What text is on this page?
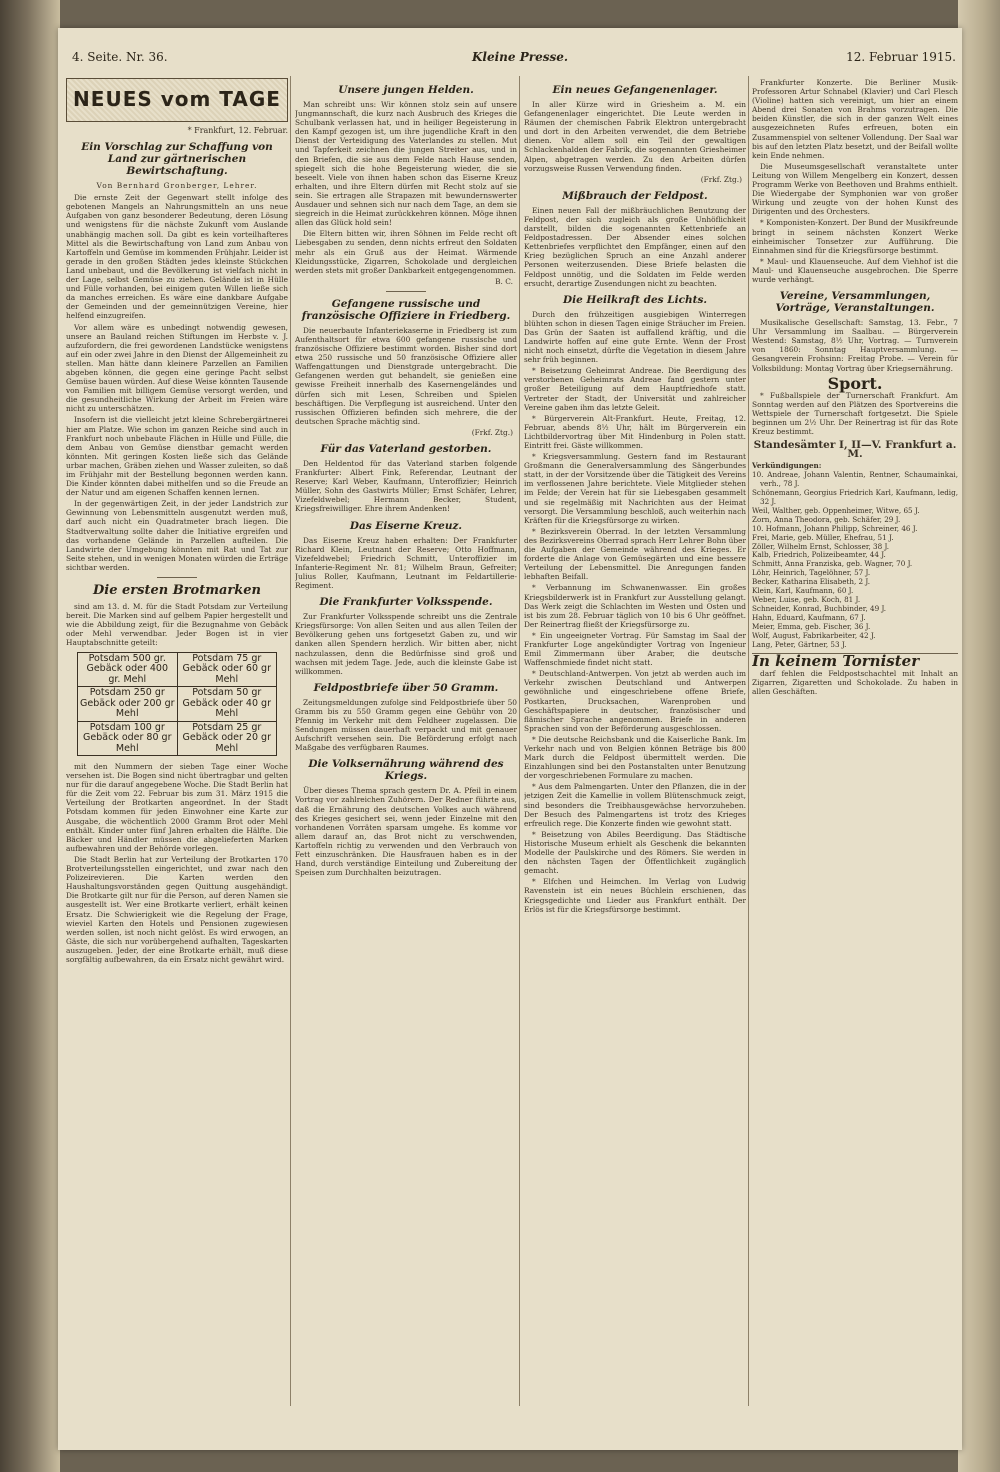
4. Seite. Nr. 36.	Kleine Presse.	12. Februar 1915.
NEUES vom TAGE
* Frankfurt, 12. Februar.
Ein Vorschlag zur Schaffung von Land zur gärtnerischen Bewirtschaftung.
Von Bernhard Gronberger, Lehrer.

Die ernste Zeit der Gegenwart stellt infolge des gebotenen Mangels an Nahrungsmitteln an uns neue Aufgaben von ganz besonderer Bedeutung, deren Lösung und wenigstens für die nächste Zukunft vom Auslande unabhängig machen soll. Da gibt es kein vorteilhafteres Mittel als die Bewirtschaftung von Land zum Anbau von Kartoffeln und Gemüse im kommenden Frühjahr. Leider ist gerade in den großen Städten jedes kleinste Stückchen Land unbebaut, und die Bevölkerung ist vielfach nicht in der Lage, selbst Gemüse zu ziehen. Gelände ist in Hülle und Fülle vorhanden, bei einigem guten Willen ließe sich da manches erreichen. Es wäre eine dankbare Aufgabe der Gemeinden und der gemeinnützigen Vereine, hier helfend einzugreifen.

Vor allem wäre es unbedingt notwendig gewesen, unsere an Bauland reichen Stiftungen im Herbste v. J. aufzufordern, die frei gewordenen Landstücke wenigstens auf ein oder zwei Jahre in den Dienst der Allgemeinheit zu stellen. Man hätte dann kleinere Parzellen an Familien abgeben können, die gegen eine geringe Pacht selbst Gemüse bauen würden. Auf diese Weise könnten Tausende von Familien mit billigem Gemüse versorgt werden, und die gesundheitliche Wirkung der Arbeit im Freien wäre nicht zu unterschätzen.

Insofern ist die vielleicht jetzt kleine Schrebergärtnerei hier am Platze. Wie schon im ganzen Reiche sind auch in Frankfurt noch unbebaute Flächen in Hülle und Fülle, die dem Anbau von Gemüse dienstbar gemacht werden könnten. Mit geringen Kosten ließe sich das Gelände urbar machen, Gräben ziehen und Wasser zuleiten, so daß im Frühjahr mit der Bestellung begonnen werden kann. Die Kinder könnten dabei mithelfen und so die Freude an der Natur und am eigenen Schaffen kennen lernen.

In der gegenwärtigen Zeit, in der jeder Landstrich zur Gewinnung von Lebensmitteln ausgenutzt werden muß, darf auch nicht ein Quadratmeter brach liegen. Die Stadtverwaltung sollte daher die Initiative ergreifen und das vorhandene Gelände in Parzellen aufteilen. Die Landwirte der Umgebung könnten mit Rat und Tat zur Seite stehen, und in wenigen Monaten würden die Erträge sichtbar werden.

Die ersten Brotmarken

sind am 13. d. M. für die Stadt Potsdam zur Verteilung bereit. Die Marken sind auf gelbem Papier hergestellt und wie die Abbildung zeigt, für die Bezugnahme von Gebäck oder Mehl verwendbar. Jeder Bogen ist in vier Hauptabschnitte geteilt:

Potsdam 500 gr. Gebäck oder 400 gr. Mehl	Potsdam 75 gr Gebäck oder 60 gr Mehl
Potsdam 250 gr Gebäck oder 200 gr Mehl	Potsdam 50 gr Gebäck oder 40 gr Mehl
Potsdam 100 gr Gebäck oder 80 gr Mehl	Potsdam 25 gr Gebäck oder 20 gr Mehl

mit den Nummern der sieben Tage einer Woche versehen ist. Die Bogen sind nicht übertragbar und gelten nur für die darauf angegebene Woche. Die Stadt Berlin hat für die Zeit vom 22. Februar bis zum 31. März 1915 die Verteilung der Brotkarten angeordnet. In der Stadt Potsdam kommen für jeden Einwohner eine Karte zur Ausgabe, die wöchentlich 2000 Gramm Brot oder Mehl enthält. Kinder unter fünf Jahren erhalten die Hälfte. Die Bäcker und Händler müssen die abgelieferten Marken aufbewahren und der Behörde vorlegen.

Die Stadt Berlin hat zur Verteilung der Brotkarten 170 Brotverteilungsstellen eingerichtet, und zwar nach den Polizeirevieren. Die Karten werden den Haushaltungsvorständen gegen Quittung ausgehändigt. Die Brotkarte gilt nur für die Person, auf deren Namen sie ausgestellt ist. Wer eine Brotkarte verliert, erhält keinen Ersatz. Die Schwierigkeit wie die Regelung der Frage, wieviel Karten den Hotels und Pensionen zugewiesen werden sollen, ist noch nicht gelöst. Es wird erwogen, an Gäste, die sich nur vorübergehend aufhalten, Tageskarten auszugeben. Jeder, der eine Brotkarte erhält, muß diese sorgfältig aufbewahren, da ein Ersatz nicht gewährt wird.

Unsere jungen Helden.

Man schreibt uns: Wir können stolz sein auf unsere Jungmannschaft, die kurz nach Ausbruch des Krieges die Schulbank verlassen hat, und in heiliger Begeisterung in den Kampf gezogen ist, um ihre jugendliche Kraft in den Dienst der Verteidigung des Vaterlandes zu stellen. Mut und Tapferkeit zeichnen die jungen Streiter aus, und in den Briefen, die sie aus dem Felde nach Hause senden, spiegelt sich die hohe Begeisterung wieder, die sie beseelt. Viele von ihnen haben schon das Eiserne Kreuz erhalten, und ihre Eltern dürfen mit Recht stolz auf sie sein. Sie ertragen alle Strapazen mit bewundernswerter Ausdauer und sehnen sich nur nach dem Tage, an dem sie siegreich in die Heimat zurückkehren können. Möge ihnen allen das Glück hold sein!

Die Eltern bitten wir, ihren Söhnen im Felde recht oft Liebesgaben zu senden, denn nichts erfreut den Soldaten mehr als ein Gruß aus der Heimat. Wärmende Kleidungsstücke, Zigarren, Schokolade und dergleichen werden stets mit großer Dankbarkeit entgegengenommen.

B. C.
Gefangene russische und französische Offiziere in Friedberg.

Die neuerbaute Infanteriekaserne in Friedberg ist zum Aufenthaltsort für etwa 600 gefangene russische und französische Offiziere bestimmt worden. Bisher sind dort etwa 250 russische und 50 französische Offiziere aller Waffengattungen und Dienstgrade untergebracht. Die Gefangenen werden gut behandelt, sie genießen eine gewisse Freiheit innerhalb des Kasernengeländes und dürfen sich mit Lesen, Schreiben und Spielen beschäftigen. Die Verpflegung ist ausreichend. Unter den russischen Offizieren befinden sich mehrere, die der deutschen Sprache mächtig sind.

(Frkf. Ztg.)
Für das Vaterland gestorben.

Den Heldentod für das Vaterland starben folgende Frankfurter: Albert Fink, Referendar, Leutnant der Reserve; Karl Weber, Kaufmann, Unteroffizier; Heinrich Müller, Sohn des Gastwirts Müller; Ernst Schäfer, Lehrer, Vizefeldwebel; Hermann Becker, Student, Kriegsfreiwilliger. Ehre ihrem Andenken!

Das Eiserne Kreuz.

Das Eiserne Kreuz haben erhalten: Der Frankfurter Richard Klein, Leutnant der Reserve; Otto Hoffmann, Vizefeldwebel; Friedrich Schmitt, Unteroffizier im Infanterie-Regiment Nr. 81; Wilhelm Braun, Gefreiter; Julius Roller, Kaufmann, Leutnant im Feldartillerie-Regiment.

Die Frankfurter Volksspende.

Zur Frankfurter Volksspende schreibt uns die Zentrale Kriegsfürsorge: Von allen Seiten und aus allen Teilen der Bevölkerung gehen uns fortgesetzt Gaben zu, und wir danken allen Spendern herzlich. Wir bitten aber, nicht nachzulassen, denn die Bedürfnisse sind groß und wachsen mit jedem Tage. Jede, auch die kleinste Gabe ist willkommen.

Feldpostbriefe über 50 Gramm.

Zeitungsmeldungen zufolge sind Feldpostbriefe über 50 Gramm bis zu 550 Gramm gegen eine Gebühr von 20 Pfennig im Verkehr mit dem Feldheer zugelassen. Die Sendungen müssen dauerhaft verpackt und mit genauer Aufschrift versehen sein. Die Beförderung erfolgt nach Maßgabe des verfügbaren Raumes.

Die Volksernährung während des Kriegs.

Über dieses Thema sprach gestern Dr. A. Pfeil in einem Vortrag vor zahlreichen Zuhörern. Der Redner führte aus, daß die Ernährung des deutschen Volkes auch während des Krieges gesichert sei, wenn jeder Einzelne mit den vorhandenen Vorräten sparsam umgehe. Es komme vor allem darauf an, das Brot nicht zu verschwenden, Kartoffeln richtig zu verwenden und den Verbrauch von Fett einzuschränken. Die Hausfrauen haben es in der Hand, durch verständige Einteilung und Zubereitung der Speisen zum Durchhalten beizutragen.

Ein neues Gefangenenlager.

In aller Kürze wird in Griesheim a. M. ein Gefangenenlager eingerichtet. Die Leute werden in Räumen der chemischen Fabrik Elektron untergebracht und dort in den Arbeiten verwendet, die dem Betriebe dienen. Vor allem soll ein Teil der gewaltigen Schlackenhalden der Fabrik, die sogenannten Griesheimer Alpen, abgetragen werden. Zu den Arbeiten dürfen vorzugsweise Russen Verwendung finden.

(Frkf. Ztg.)
Mißbrauch der Feldpost.

Einen neuen Fall der mißbräuchlichen Benutzung der Feldpost, der sich zugleich als große Unhöflichkeit darstellt, bilden die sogenannten Kettenbriefe an Feldpostadressen. Der Absender eines solchen Kettenbriefes verpflichtet den Empfänger, einen auf den Krieg bezüglichen Spruch an eine Anzahl anderer Personen weiterzusenden. Diese Briefe belasten die Feldpost unnötig, und die Soldaten im Felde werden ersucht, derartige Zusendungen nicht zu beachten.

Die Heilkraft des Lichts.

Durch den frühzeitigen ausgiebigen Winterregen blühten schon in diesen Tagen einige Sträucher im Freien. Das Grün der Saaten ist auffallend kräftig, und die Landwirte hoffen auf eine gute Ernte. Wenn der Frost nicht noch einsetzt, dürfte die Vegetation in diesem Jahre sehr früh beginnen.

* Beisetzung Geheimrat Andreae. Die Beerdigung des verstorbenen Geheimrats Andreae fand gestern unter großer Beteiligung auf dem Hauptfriedhofe statt. Vertreter der Stadt, der Universität und zahlreicher Vereine gaben ihm das letzte Geleit.

* Bürgerverein Alt-Frankfurt. Heute, Freitag, 12. Februar, abends 8½ Uhr, hält im Bürgerverein ein Lichtbildervortrag über Mit Hindenburg in Polen statt. Eintritt frei. Gäste willkommen.

* Kriegsversammlung. Gestern fand im Restaurant Großmann die Generalversammlung des Sängerbundes statt, in der der Vorsitzende über die Tätigkeit des Vereins im verflossenen Jahre berichtete. Viele Mitglieder stehen im Felde; der Verein hat für sie Liebesgaben gesammelt und sie regelmäßig mit Nachrichten aus der Heimat versorgt. Die Versammlung beschloß, auch weiterhin nach Kräften für die Kriegsfürsorge zu wirken.

* Bezirksverein Oberrad. In der letzten Versammlung des Bezirksvereins Oberrad sprach Herr Lehrer Bohn über die Aufgaben der Gemeinde während des Krieges. Er forderte die Anlage von Gemüsegärten und eine bessere Verteilung der Lebensmittel. Die Anregungen fanden lebhaften Beifall.

* Verbannung im Schwanenwasser. Ein großes Kriegsbilderwerk ist in Frankfurt zur Ausstellung gelangt. Das Werk zeigt die Schlachten im Westen und Osten und ist bis zum 28. Februar täglich von 10 bis 6 Uhr geöffnet. Der Reinertrag fließt der Kriegsfürsorge zu.

* Ein ungeeigneter Vortrag. Für Samstag im Saal der Frankfurter Loge angekündigter Vortrag von Ingenieur Emil Zimmermann über Araber, die deutsche Waffenschmiede findet nicht statt.

* Deutschland-Antwerpen. Von jetzt ab werden auch im Verkehr zwischen Deutschland und Antwerpen gewöhnliche und eingeschriebene offene Briefe, Postkarten, Drucksachen, Warenproben und Geschäftspapiere in deutscher, französischer und flämischer Sprache angenommen. Briefe in anderen Sprachen sind von der Beförderung ausgeschlossen.

* Die deutsche Reichsbank und die Kaiserliche Bank. Im Verkehr nach und von Belgien können Beträge bis 800 Mark durch die Feldpost übermittelt werden. Die Einzahlungen sind bei den Postanstalten unter Benutzung der vorgeschriebenen Formulare zu machen.

* Aus dem Palmengarten. Unter den Pflanzen, die in der jetzigen Zeit die Kamellie in vollem Blütenschmuck zeigt, sind besonders die Treibhausgewächse hervorzuheben. Der Besuch des Palmengartens ist trotz des Krieges erfreulich rege. Die Konzerte finden wie gewohnt statt.

* Beisetzung von Abiles Beerdigung. Das Städtische Historische Museum erhielt als Geschenk die bekannten Modelle der Paulskirche und des Römers. Sie werden in den nächsten Tagen der Öffentlichkeit zugänglich gemacht.

* Elfchen und Heimchen. Im Verlag von Ludwig Ravenstein ist ein neues Büchlein erschienen, das Kriegsgedichte und Lieder aus Frankfurt enthält. Der Erlös ist für die Kriegsfürsorge bestimmt.

Frankfurter Konzerte. Die Berliner Musik-Professoren Artur Schnabel (Klavier) und Carl Flesch (Violine) hatten sich vereinigt, um hier an einem Abend drei Sonaten von Brahms vorzutragen. Die beiden Künstler, die sich in der ganzen Welt eines ausgezeichneten Rufes erfreuen, boten ein Zusammenspiel von seltener Vollendung. Der Saal war bis auf den letzten Platz besetzt, und der Beifall wollte kein Ende nehmen.

Die Museumsgesellschaft veranstaltete unter Leitung von Willem Mengelberg ein Konzert, dessen Programm Werke von Beethoven und Brahms enthielt. Die Wiedergabe der Symphonien war von großer Wirkung und zeugte von der hohen Kunst des Dirigenten und des Orchesters.

* Komponisten-Konzert. Der Bund der Musikfreunde bringt in seinem nächsten Konzert Werke einheimischer Tonsetzer zur Aufführung. Die Einnahmen sind für die Kriegsfürsorge bestimmt.

* Maul- und Klauenseuche. Auf dem Viehhof ist die Maul- und Klauenseuche ausgebrochen. Die Sperre wurde verhängt.

Vereine, Versammlungen, Vorträge, Veranstaltungen.

Musikalische Gesellschaft: Samstag, 13. Febr., 7 Uhr Versammlung im Saalbau. — Bürgerverein Westend: Samstag, 8½ Uhr, Vortrag. — Turnverein von 1860: Sonntag Hauptversammlung. — Gesangverein Frohsinn: Freitag Probe. — Verein für Volksbildung: Montag Vortrag über Kriegsernährung.

Sport.

* Fußballspiele der Turnerschaft Frankfurt. Am Sonntag werden auf den Plätzen des Sportvereins die Wettspiele der Turnerschaft fortgesetzt. Die Spiele beginnen um 2½ Uhr. Der Reinertrag ist für das Rote Kreuz bestimmt.

Standesämter I, II—V. Frankfurt a. M.
Verkündigungen:
10. Andreae, Johann Valentin, Rentner, Schaumainkai, verh., 78 J.
Schönemann, Georgius Friedrich Karl, Kaufmann, ledig, 32 J.
Weil, Walther, geb. Oppenheimer, Witwe, 65 J.
Zorn, Anna Theodora, geb. Schäfer, 29 J.
10. Hofmann, Johann Philipp, Schreiner, 46 J.
Frei, Marie, geb. Müller, Ehefrau, 51 J.
Zöller, Wilhelm Ernst, Schlosser, 38 J.
Kalb, Friedrich, Polizeibeamter, 44 J.
Schmitt, Anna Franziska, geb. Wagner, 70 J.
Löhr, Heinrich, Tagelöhner, 57 J.
Becker, Katharina Elisabeth, 2 J.
Klein, Karl, Kaufmann, 60 J.
Weber, Luise, geb. Koch, 81 J.
Schneider, Konrad, Buchbinder, 49 J.
Hahn, Eduard, Kaufmann, 67 J.
Meier, Emma, geb. Fischer, 36 J.
Wolf, August, Fabrikarbeiter, 42 J.
Lang, Peter, Gärtner, 53 J.
In keinem Tornister

darf fehlen die Feldpostschachtel mit Inhalt an Zigarren, Zigaretten und Schokolade. Zu haben in allen Geschäften.
